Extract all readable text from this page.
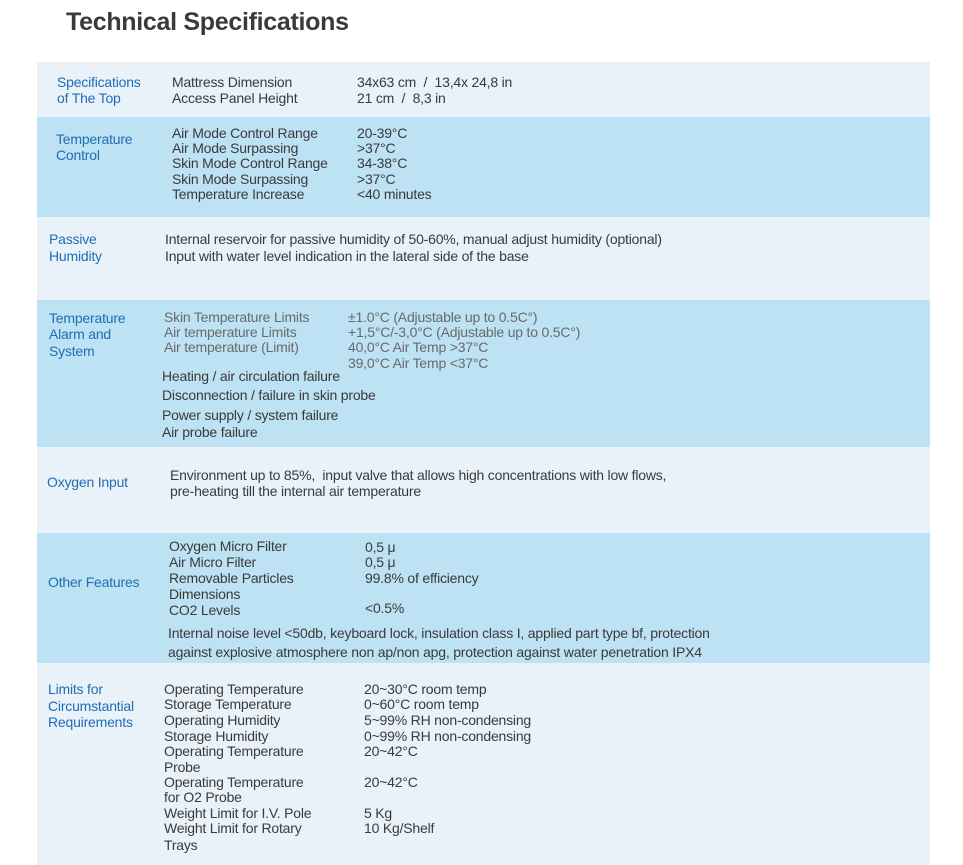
Technical Specifications
Specifications
of The Top
Mattress Dimension	34x63 cm  /  13,4x 24,8 in
Access Panel Height	21 cm  /  8,3 in
Temperature
Control
Air Mode Control Range	20-39°C
Air Mode Surpassing	>37°C
Skin Mode Control Range 34-38°C
Skin Mode Surpassing	>37°C
Temperature Increase	<40 minutes
Passive
Humidity
Internal reservoir for passive humidity of 50-60%, manual adjust humidity (optional)
Input with water level indication in the lateral side of the base
Temperature
Alarm and
System
Skin Temperature Limits	±1.0°C (Adjustable up to 0.5C°)
Air temperature Limits	+1,5°C/-3,0°C (Adjustable up to 0.5C°)
Air temperature (Limit)	40,0°C Air Temp >37°C
39,0°C Air Temp <37°C
Heating / air circulation failure
Disconnection / failure in skin probe
Power supply / system failure
Air probe failure
Oxygen Input	Environment up to 85%,  input valve that allows high concentrations with low flows,
pre-heating till the internal air temperature
Other Features
Oxygen Micro Filter	0,5 μ
Air Micro Filter	0,5 μ
Removable Particles	99.8% of efficiency
Dimensions
CO2 Levels	<0.5%
Internal noise level <50db, keyboard lock, insulation class I, applied part type bf, protection
against explosive atmosphere non ap/non apg, protection against water penetration IPX4
Limits for
Circumstantial
Requirements
Operating Temperature	20~30°C room temp
Storage Temperature	0~60°C room temp
Operating Humidity	5~99% RH non-condensing
Storage Humidity	0~99% RH non-condensing
Operating Temperature
Probe
20~42°C
Operating Temperature
for O2 Probe
20~42°C
Weight Limit for I.V. Pole	5 Kg
Weight Limit for Rotary
Trays
10 Kg/Shelf
